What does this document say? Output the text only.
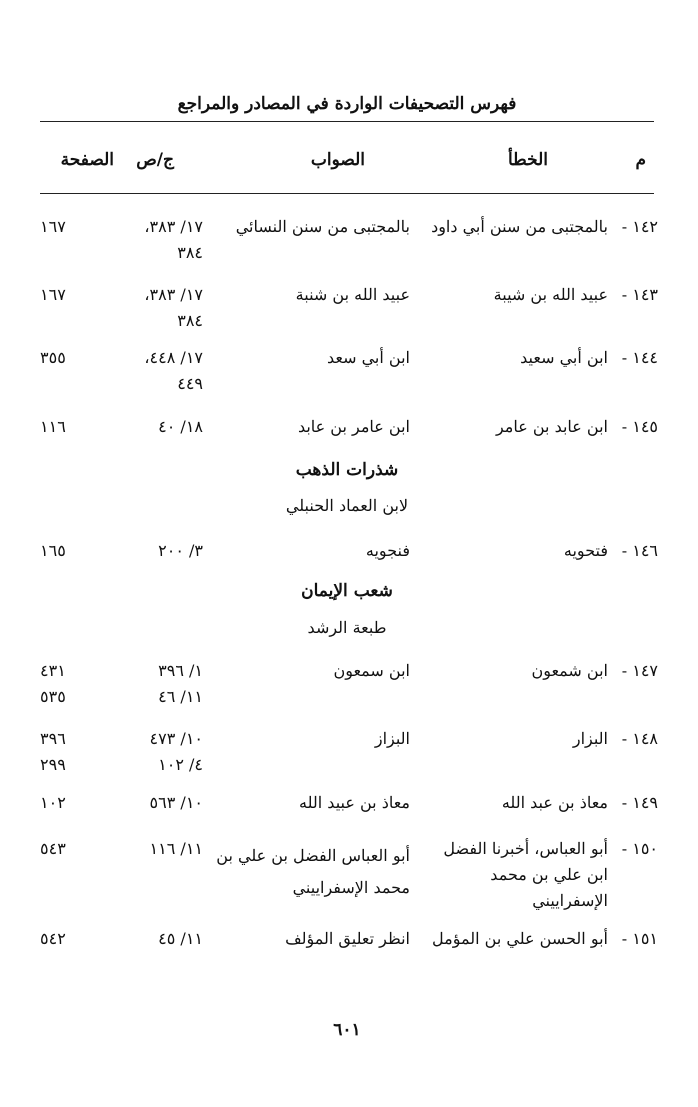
فهرس التصحيفات الواردة في المصادر والمراجع
م
الخطأ
الصواب
ج/ص
الصفحة
١٤٢ -
بالمجتبى من سنن أبي داود
بالمجتبى من سنن النسائي
١٧/ ٣٨٣،
٣٨٤
١٦٧
١٤٣ -
عبيد الله بن شيبة
عبيد الله بن شنبة
١٧/ ٣٨٣،
٣٨٤
١٦٧
١٤٤ -
ابن أبي سعيد
ابن أبي سعد
١٧/ ٤٤٨،
٤٤٩
٣٥٥
١٤٥ -
ابن عابد بن عامر
ابن عامر بن عابد
١٨/ ٤٠
١١٦
شذرات الذهب
لابن العماد الحنبلي
١٤٦ -
فتحويه
فنجويه
٣/ ٢٠٠
١٦٥
شعب الإيمان
طبعة الرشد
١٤٧ -
ابن شمعون
ابن سمعون
١/ ٣٩٦
١١/ ٤٦
٤٣١
٥٣٥
١٤٨ -
البزار
البزاز
١٠/ ٤٧٣
٤/ ١٠٢
٣٩٦
٢٩٩
١٤٩ -
معاذ بن عبد الله
معاذ بن عبيد الله
١٠/ ٥٦٣
١٠٢
١٥٠ -
أبو العباس، أخبرنا الفضل
ابن علي بن محمد
الإسفراييني
أبو العباس الفضل بن علي بن
محمد الإسفراييني
١١/ ١١٦
٥٤٣
١٥١ -
أبو الحسن علي بن المؤمل
انظر تعليق المؤلف
١١/ ٤٥
٥٤٢
٦٠١
